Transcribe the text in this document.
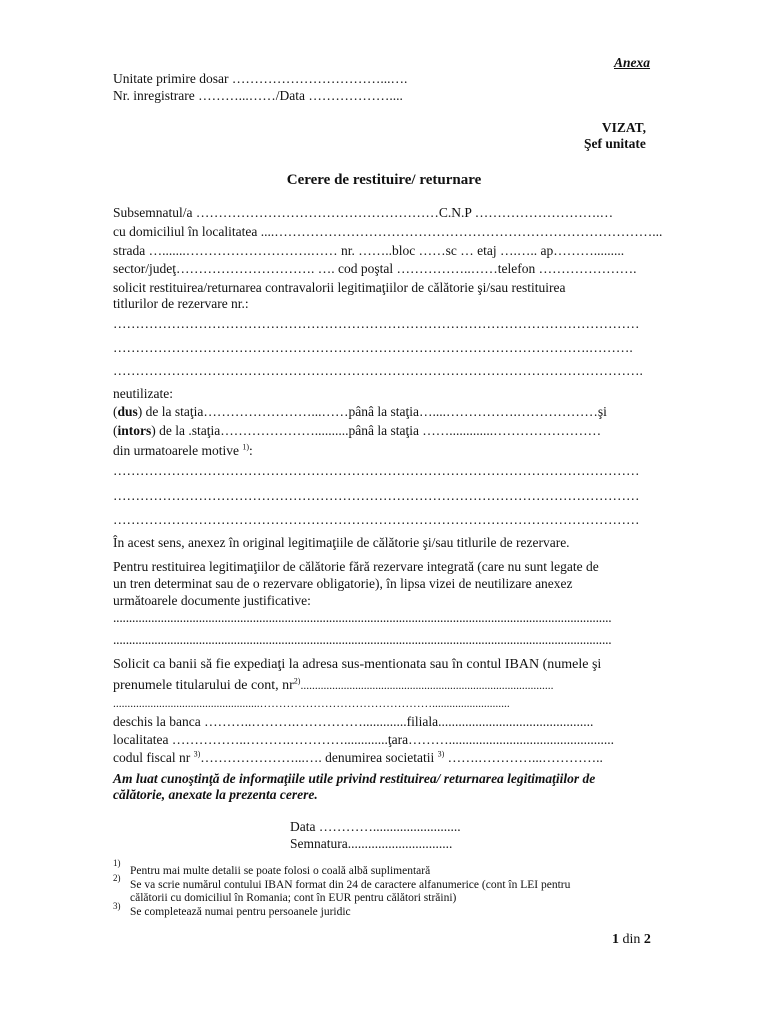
Anexa
Unitate primire dosar ……………………………...….
Nr. inregistrare ………...……/Data ………………....
VIZAT,
Şef unitate
Cerere de restituire/ returnare
Subsemnatul/a ………………………………………………C.N.P ……………………….…
cu domiciliul în localitatea ....…………………………………………………………………………...
strada ….......……………………….…… nr. ……..bloc ……sc … etaj ….….. ap……….........
sector/judeţ…………………………. …. cod poştal ……………..……telefon ………………….
solicit restituirea/returnarea contravalorii legitimaţiilor de călătorie şi/sau restituirea
titlurilor de rezervare nr.:
………………………………………………………………………………………………………
…………………………………………………………………………………………….……….
……………………………………………………………………………………………………….
neutilizate:
(dus) de la staţia……………………...……pânâ la staţia…....…………….………………şi
(intors) de la .staţia…………………..........pânâ la staţia …….............……………………
din urmatoarele motive $^{1)}$:
………………………………………………………………………………………………………
………………………………………………………………………………………………………
………………………………………………………………………………………………………
În acest sens, anexez în original legitimaţiile de călătorie şi/sau titlurile de rezervare.
Pentru restituirea legitimaţiilor de călătorie fără rezervare integrată (care nu sunt legate de
un tren determinat sau de o rezervare obligatorie), în lipsa vizei de neutilizare anexez
următoarele documente justificative:
.............................................................................................................................................................
.............................................................................................................................................................
Solicit ca banii să fie expediaţi la adresa sus-mentionata sau în contul IBAN (numele şi
prenumele titularului de cont, $nr^{2)}$........................................................................................
...................................................………………………………………...........................
deschis la banca ………..……….…………….............filiala..............................................
localitatea ……………..……….………….............ţara……….................................................
codul fiscal nr $^{3)}$…………………...…. denumirea societatii $^{3)}$ …….…………...…………..
Am luat cunoştinţă de informaţiile utile privind restituirea/ returnarea legitimaţiilor de
călătorie, anexate la prezenta cerere.
Data …………..........................
Semnatura...............................
1)
Pentru mai multe detalii se poate folosi o coală albă suplimentară
2)
Se va scrie numărul contului IBAN format din 24 de caractere alfanumerice (cont în LEI pentru
călătorii cu domiciliul în Romania; cont în EUR pentru călători străini)
3) Se completează numai pentru persoanele juridic
1 din 2
